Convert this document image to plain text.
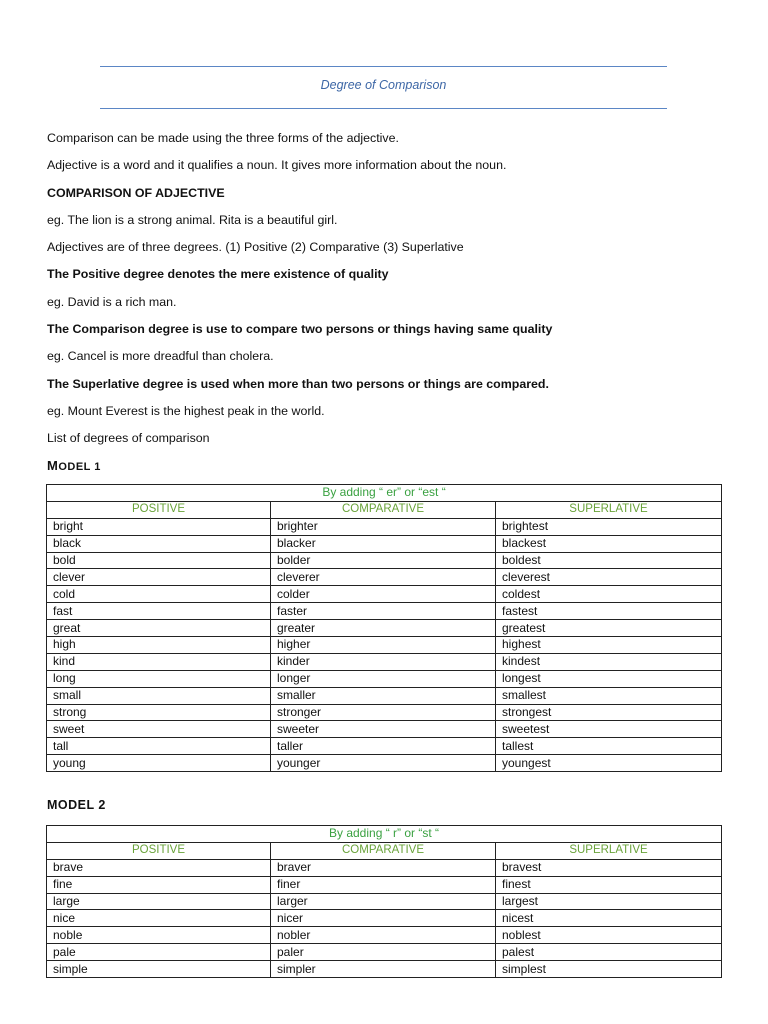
Degree of Comparison

Comparison can be made using the three forms of the adjective.

Adjective is a word and it qualifies a noun. It gives more information about the noun.

COMPARISON OF ADJECTIVE

eg. The lion is a strong animal. Rita is a beautiful girl.

Adjectives are of three degrees. (1) Positive (2) Comparative (3) Superlative

The Positive degree denotes the mere existence of quality

eg. David is a rich man.

The Comparison degree is use to compare two persons or things having same quality

eg. Cancel is more dreadful than cholera.

The Superlative degree is used when more than two persons or things are compared.

eg. Mount Everest is the highest peak in the world.

List of degrees of comparison

MODEL 1
By adding “ er” or “est “		
POSITIVE	COMPARATIVE	SUPERLATIVE
bright	brighter	brightest
black	blacker	blackest
bold	bolder	boldest
clever	cleverer	cleverest
cold	colder	coldest
fast	faster	fastest
great	greater	greatest
high	higher	highest
kind	kinder	kindest
long	longer	longest
small	smaller	smallest
strong	stronger	strongest
sweet	sweeter	sweetest
tall	taller	tallest
young	younger	youngest
MODEL 2
By adding “ r” or “st “		
POSITIVE	COMPARATIVE	SUPERLATIVE
brave	braver	bravest
fine	finer	finest
large	larger	largest
nice	nicer	nicest
noble	nobler	noblest
pale	paler	palest
simple	simpler	simplest
